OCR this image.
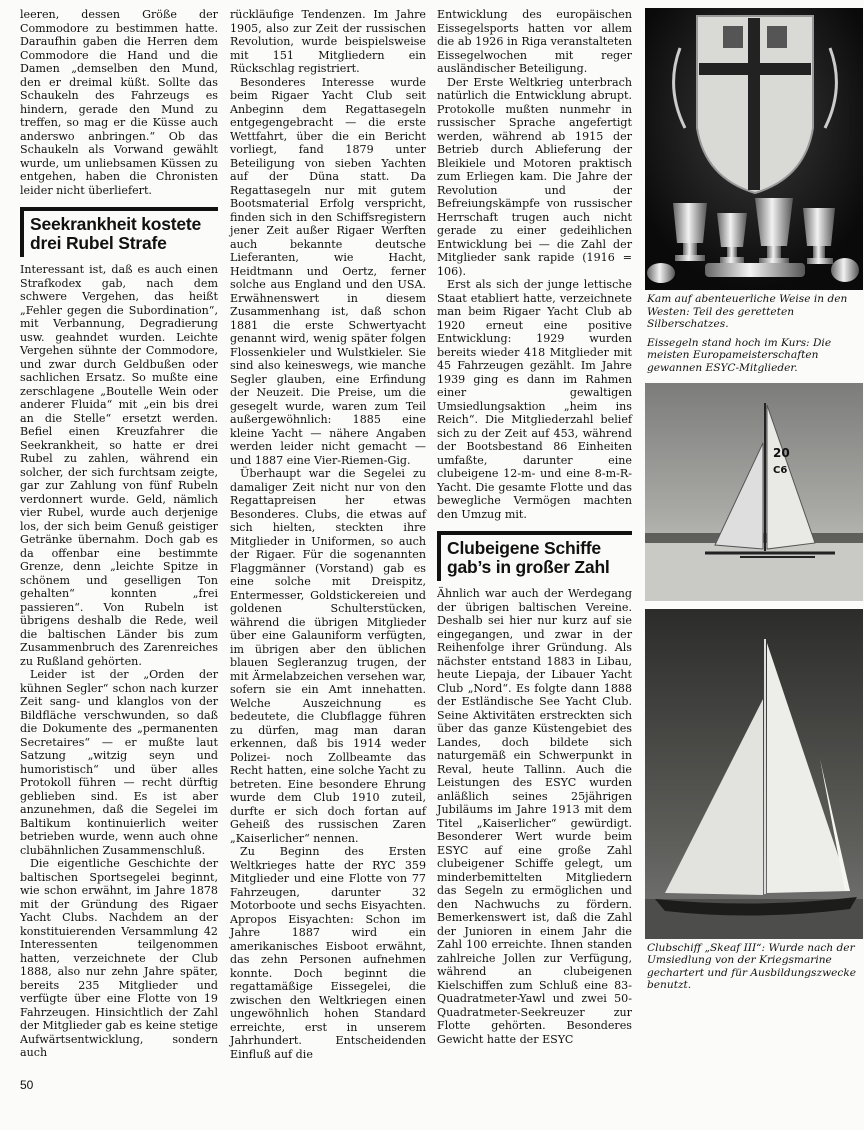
leeren, dessen Größe der Commodore zu bestimmen hatte. Daraufhin gaben die Herren dem Commodore die Hand und die Damen „demselben den Mund, den er dreimal küßt. Sollte das Schaukeln des Fahrzeugs es hindern, gerade den Mund zu treffen, so mag er die Küsse auch anderswo anbringen.“ Ob das Schaukeln als Vorwand gewählt wurde, um unliebsamen Küssen zu entgehen, haben die Chronisten leider nicht überliefert.

Seekrankheit kostete drei Rubel Strafe

Interessant ist, daß es auch einen Strafkodex gab, nach dem schwere Vergehen, das heißt „Fehler gegen die Subordination“, mit Verbannung, Degradierung usw. geahndet wurden. Leichte Vergehen sühnte der Commodore, und zwar durch Geldbußen oder sachlichen Ersatz. So mußte eine zerschlagene „Boutelle Wein oder anderer Fluida“ mit „ein bis drei an die Stelle“ ersetzt werden. Befiel einen Kreuzfahrer die Seekrankheit, so hatte er drei Rubel zu zahlen, während ein solcher, der sich furchtsam zeigte, gar zur Zahlung von fünf Rubeln verdonnert wurde. Geld, nämlich vier Rubel, wurde auch derjenige los, der sich beim Genuß geistiger Getränke übernahm. Doch gab es da offenbar eine bestimmte Grenze, denn „leichte Spitze in schönem und geselligen Ton gehalten“ konnten „frei passieren“. Von Rubeln ist übrigens deshalb die Rede, weil die baltischen Länder bis zum Zusammenbruch des Zarenreiches zu Rußland gehörten.

Leider ist der „Orden der kühnen Segler“ schon nach kurzer Zeit sang- und klanglos von der Bildfläche verschwunden, so daß die Dokumente des „permanenten Secretaires“ — er mußte laut Satzung „witzig seyn und humoristisch“ und über alles Protokoll führen — recht dürftig geblieben sind. Es ist aber anzunehmen, daß die Segelei im Baltikum kontinuierlich weiter betrieben wurde, wenn auch ohne clubähnlichen Zusammenschluß.

Die eigentliche Geschichte der baltischen Sportsegelei beginnt, wie schon erwähnt, im Jahre 1878 mit der Gründung des Rigaer Yacht Clubs. Nachdem an der konstituierenden Versammlung 42 Interessenten teilgenommen hatten, verzeichnete der Club 1888, also nur zehn Jahre später, bereits 235 Mitglieder und verfügte über eine Flotte von 19 Fahrzeugen. Hinsichtlich der Zahl der Mitglieder gab es keine stetige Aufwärtsentwicklung, sondern auch

rückläufige Tendenzen. Im Jahre 1905, also zur Zeit der russischen Revolution, wurde beispielsweise mit 151 Mitgliedern ein Rückschlag registriert.

Besonderes Interesse wurde beim Rigaer Yacht Club seit Anbeginn dem Regattasegeln entgegengebracht — die erste Wettfahrt, über die ein Bericht vorliegt, fand 1879 unter Beteiligung von sieben Yachten auf der Düna statt. Da Regattasegeln nur mit gutem Bootsmaterial Erfolg verspricht, finden sich in den Schiffsregistern jener Zeit außer Rigaer Werften auch bekannte deutsche Lieferanten, wie Hacht, Heidtmann und Oertz, ferner solche aus England und den USA. Erwähnenswert in diesem Zusammenhang ist, daß schon 1881 die erste Schwertyacht genannt wird, wenig später folgen Flossenkieler und Wulstkieler. Sie sind also keineswegs, wie manche Segler glauben, eine Erfindung der Neuzeit. Die Preise, um die gesegelt wurde, waren zum Teil außergewöhnlich: 1885 eine kleine Yacht — nähere Angaben werden leider nicht gemacht — und 1887 eine Vier-Riemen-Gig.

Überhaupt war die Segelei zu damaliger Zeit nicht nur von den Regattapreisen her etwas Besonderes. Clubs, die etwas auf sich hielten, steckten ihre Mitglieder in Uniformen, so auch der Rigaer. Für die sogenannten Flaggmänner (Vorstand) gab es eine solche mit Dreispitz, Entermesser, Goldstickereien und goldenen Schulterstücken, während die übrigen Mitglieder über eine Galauniform verfügten, im übrigen aber den üblichen blauen Segleranzug trugen, der mit Ärmelabzeichen versehen war, sofern sie ein Amt innehatten. Welche Auszeichnung es bedeutete, die Clubflagge führen zu dürfen, mag man daran erkennen, daß bis 1914 weder Polizei- noch Zollbeamte das Recht hatten, eine solche Yacht zu betreten. Eine besondere Ehrung wurde dem Club 1910 zuteil, durfte er sich doch fortan auf Geheiß des russischen Zaren „Kaiserlicher“ nennen.

Zu Beginn des Ersten Weltkrieges hatte der RYC 359 Mitglieder und eine Flotte von 77 Fahrzeugen, darunter 32 Motorboote und sechs Eisyachten. Apropos Eisyachten: Schon im Jahre 1887 wird ein amerikanisches Eisboot erwähnt, das zehn Personen aufnehmen konnte. Doch beginnt die regattamäßige Eissegelei, die zwischen den Weltkriegen einen ungewöhnlich hohen Standard erreichte, erst in unserem Jahrhundert. Entscheidenden Einfluß auf die

Entwicklung des europäischen Eissegelsports hatten vor allem die ab 1926 in Riga veranstalteten Eissegelwochen mit reger ausländischer Beteiligung.

Der Erste Weltkrieg unterbrach natürlich die Entwicklung abrupt. Protokolle mußten nunmehr in russischer Sprache angefertigt werden, während ab 1915 der Betrieb durch Ablieferung der Bleikiele und Motoren praktisch zum Erliegen kam. Die Jahre der Revolution und der Befreiungskämpfe von russischer Herrschaft trugen auch nicht gerade zu einer gedeihlichen Entwicklung bei — die Zahl der Mitglieder sank rapide (1916 = 106).

Erst als sich der junge lettische Staat etabliert hatte, verzeichnete man beim Rigaer Yacht Club ab 1920 erneut eine positive Entwicklung: 1929 wurden bereits wieder 418 Mitglieder mit 45 Fahrzeugen gezählt. Im Jahre 1939 ging es dann im Rahmen einer gewaltigen Umsiedlungsaktion „heim ins Reich“. Die Mitgliederzahl belief sich zu der Zeit auf 453, während der Bootsbestand 86 Einheiten umfaßte, darunter eine clubeigene 12-m- und eine 8-m-R-Yacht. Die gesamte Flotte und das bewegliche Vermögen machten den Umzug mit.

Clubeigene Schiffe gab’s in großer Zahl

Ähnlich war auch der Werdegang der übrigen baltischen Vereine. Deshalb sei hier nur kurz auf sie eingegangen, und zwar in der Reihenfolge ihrer Gründung. Als nächster entstand 1883 in Libau, heute Liepaja, der Libauer Yacht Club „Nord“. Es folgte dann 1888 der Estländische See Yacht Club. Seine Aktivitäten erstreckten sich über das ganze Küstengebiet des Landes, doch bildete sich naturgemäß ein Schwerpunkt in Reval, heute Tallinn. Auch die Leistungen des ESYC wurden anläßlich seines 25jährigen Jubiläums im Jahre 1913 mit dem Titel „Kaiserlicher“ gewürdigt. Besonderer Wert wurde beim ESYC auf eine große Zahl clubeigener Schiffe gelegt, um minderbemittelten Mitgliedern das Segeln zu ermöglichen und den Nachwuchs zu fördern. Bemerkenswert ist, daß die Zahl der Junioren in einem Jahr die Zahl 100 erreichte. Ihnen standen zahlreiche Jollen zur Verfügung, während an clubeigenen Kielschiffen zum Schluß eine 83-Quadratmeter-Yawl und zwei 50-Quadratmeter-Seekreuzer zur Flotte gehörten. Besonderes Gewicht hatte der ESYC

Kam auf abenteuerliche Weise in den Westen: Teil des geretteten Silberschatzes.
Eissegeln stand hoch im Kurs: Die meisten Europameisterschaften gewannen ESYC-Mitglieder.
20
C6
Clubschiff „Skeaf III“: Wurde nach der Umsiedlung von der Kriegsmarine gechartert und für Ausbildungszwecke benutzt.
50
